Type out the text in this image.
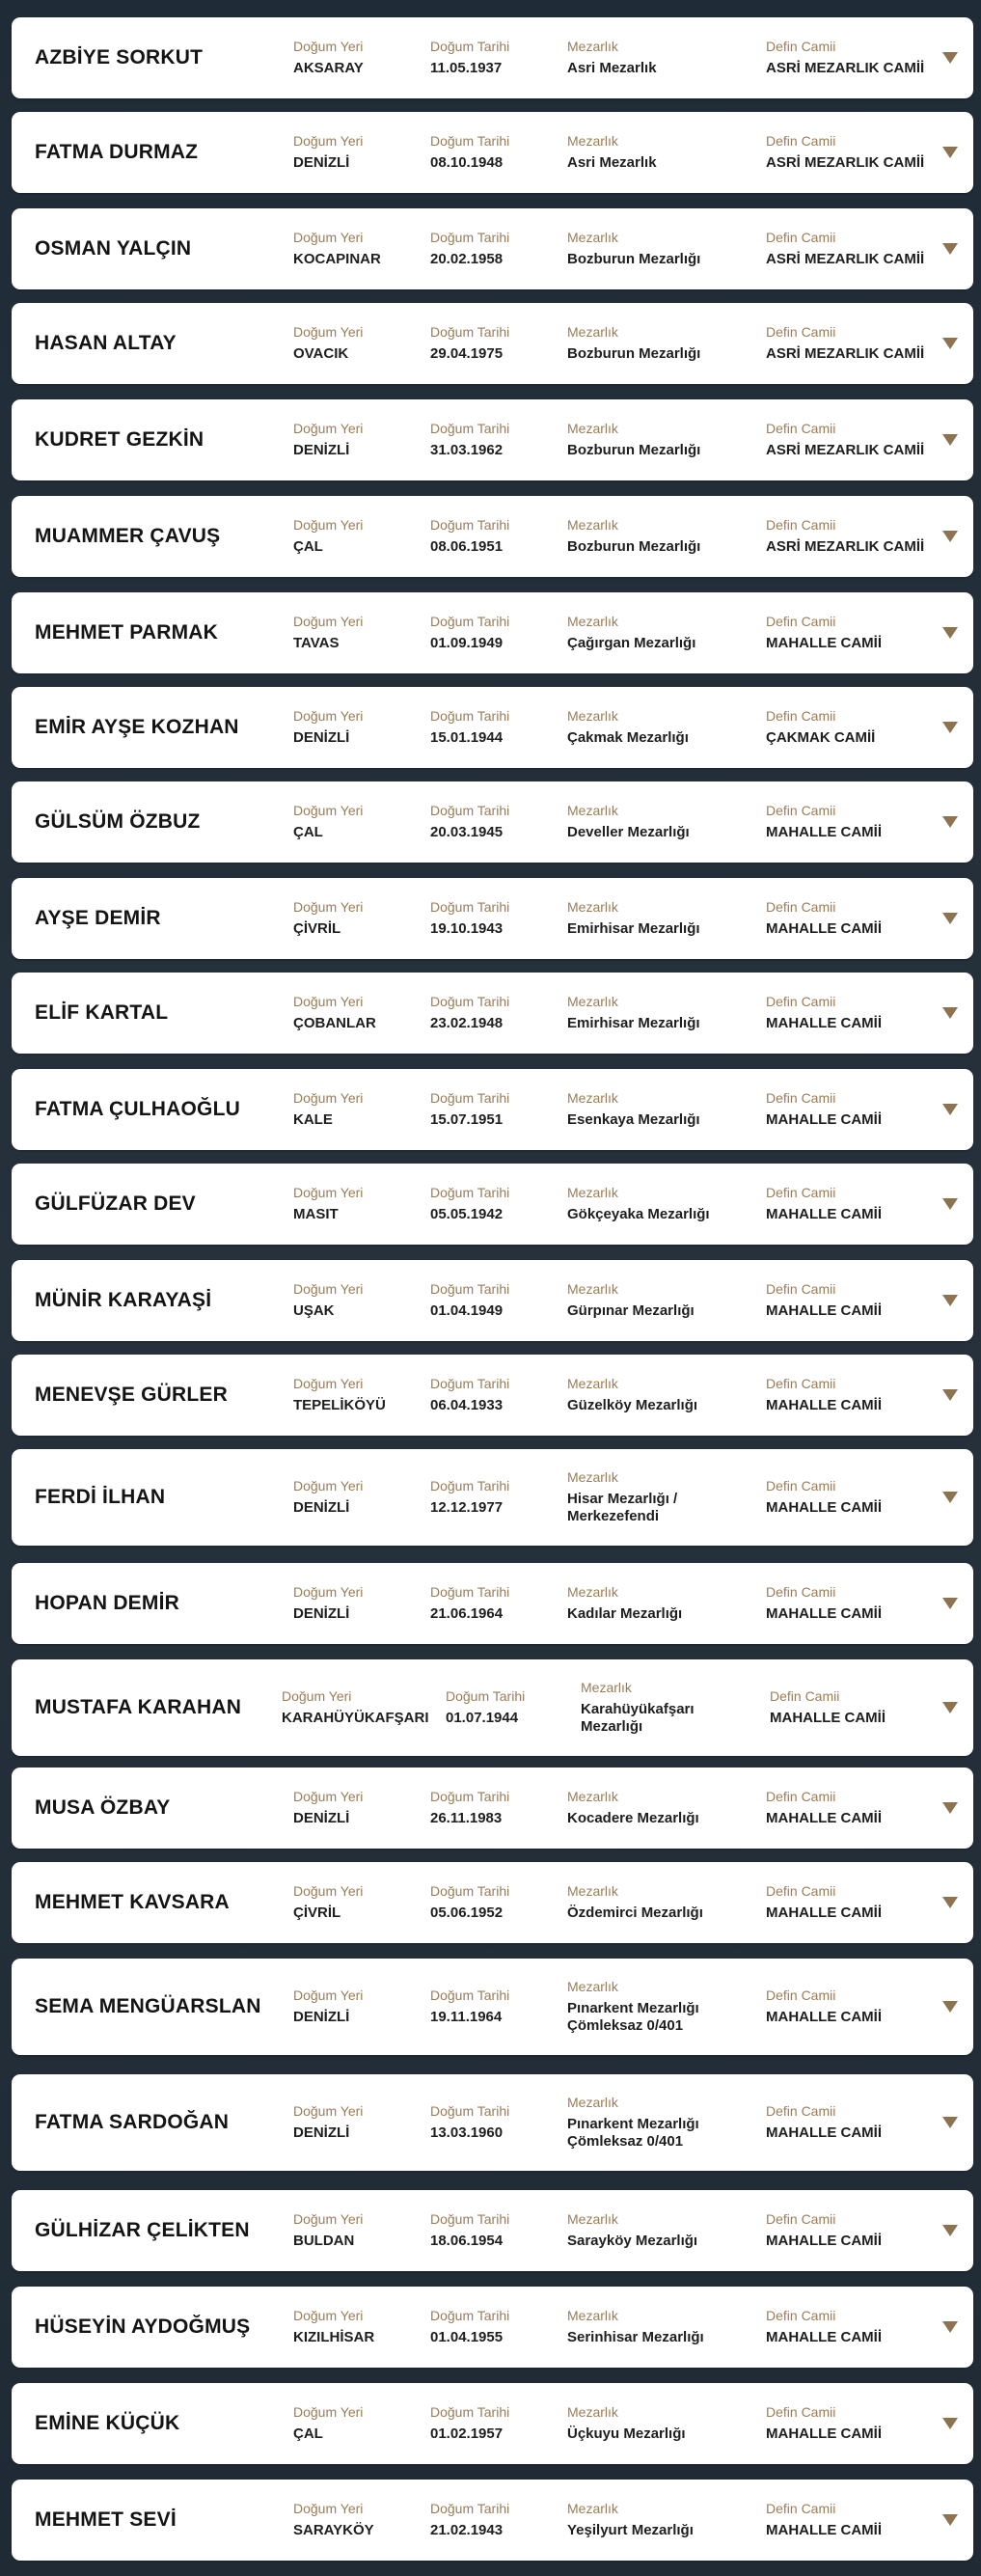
AZBİYE SORKUT	Doğum Yeri
AKSARAY
Doğum Tarihi
11.05.1937
Mezarlık
Asri Mezarlık
Defin Camii
ASRİ MEZARLIK CAMİİ
FATMA DURMAZ	Doğum Yeri
DENİZLİ
Doğum Tarihi
08.10.1948
Mezarlık
Asri Mezarlık
Defin Camii
ASRİ MEZARLIK CAMİİ
OSMAN YALÇIN	Doğum Yeri
KOCAPINAR
Doğum Tarihi
20.02.1958
Mezarlık
Bozburun Mezarlığı
Defin Camii
ASRİ MEZARLIK CAMİİ
HASAN ALTAY	Doğum Yeri
OVACIK
Doğum Tarihi
29.04.1975
Mezarlık
Bozburun Mezarlığı
Defin Camii
ASRİ MEZARLIK CAMİİ
KUDRET GEZKİN	Doğum Yeri
DENİZLİ
Doğum Tarihi
31.03.1962
Mezarlık
Bozburun Mezarlığı
Defin Camii
ASRİ MEZARLIK CAMİİ
MUAMMER ÇAVUŞ	Doğum Yeri
ÇAL
Doğum Tarihi
08.06.1951
Mezarlık
Bozburun Mezarlığı
Defin Camii
ASRİ MEZARLIK CAMİİ
MEHMET PARMAK	Doğum Yeri
TAVAS
Doğum Tarihi
01.09.1949
Mezarlık
Çağırgan Mezarlığı
Defin Camii
MAHALLE CAMİİ
EMİR AYŞE KOZHAN	Doğum Yeri
DENİZLİ
Doğum Tarihi
15.01.1944
Mezarlık
Çakmak Mezarlığı
Defin Camii
ÇAKMAK CAMİİ
GÜLSÜM ÖZBUZ	Doğum Yeri
ÇAL
Doğum Tarihi
20.03.1945
Mezarlık
Develler Mezarlığı
Defin Camii
MAHALLE CAMİİ
AYŞE DEMİR	Doğum Yeri
ÇİVRİL
Doğum Tarihi
19.10.1943
Mezarlık
Emirhisar Mezarlığı
Defin Camii
MAHALLE CAMİİ
ELİF KARTAL	Doğum Yeri
ÇOBANLAR
Doğum Tarihi
23.02.1948
Mezarlık
Emirhisar Mezarlığı
Defin Camii
MAHALLE CAMİİ
FATMA ÇULHAOĞLU	Doğum Yeri
KALE
Doğum Tarihi
15.07.1951
Mezarlık
Esenkaya Mezarlığı
Defin Camii
MAHALLE CAMİİ
GÜLFÜZAR DEV	Doğum Yeri
MASIT
Doğum Tarihi
05.05.1942
Mezarlık
Gökçeyaka Mezarlığı
Defin Camii
MAHALLE CAMİİ
MÜNİR KARAYAŞİ	Doğum Yeri
UŞAK
Doğum Tarihi
01.04.1949
Mezarlık
Gürpınar Mezarlığı
Defin Camii
MAHALLE CAMİİ
MENEVŞE GÜRLER	Doğum Yeri
TEPELİKÖYÜ
Doğum Tarihi
06.04.1933
Mezarlık
Güzelköy Mezarlığı
Defin Camii
MAHALLE CAMİİ
FERDİ İLHAN	Doğum Yeri
DENİZLİ
Doğum Tarihi
12.12.1977
Mezarlık
Hisar Mezarlığı / Merkezefendi
Defin Camii
MAHALLE CAMİİ
HOPAN DEMİR	Doğum Yeri
DENİZLİ
Doğum Tarihi
21.06.1964
Mezarlık
Kadılar Mezarlığı
Defin Camii
MAHALLE CAMİİ
MUSTAFA KARAHAN	Doğum Yeri
KARAHÜYÜKAFŞARI
Doğum Tarihi
01.07.1944
Mezarlık
Karahüyükafşarı Mezarlığı
Defin Camii
MAHALLE CAMİİ
MUSA ÖZBAY	Doğum Yeri
DENİZLİ
Doğum Tarihi
26.11.1983
Mezarlık
Kocadere Mezarlığı
Defin Camii
MAHALLE CAMİİ
MEHMET KAVSARA	Doğum Yeri
ÇİVRİL
Doğum Tarihi
05.06.1952
Mezarlık
Özdemirci Mezarlığı
Defin Camii
MAHALLE CAMİİ
SEMA MENGÜARSLAN Doğum Yeri
DENİZLİ
Doğum Tarihi
19.11.1964
Mezarlık
Pınarkent Mezarlığı Çömleksaz 0/401
Defin Camii
MAHALLE CAMİİ
FATMA SARDOĞAN	Doğum Yeri
DENİZLİ
Doğum Tarihi
13.03.1960
Mezarlık
Pınarkent Mezarlığı Çömleksaz 0/401
Defin Camii
MAHALLE CAMİİ
GÜLHİZAR ÇELİKTEN	Doğum Yeri
BULDAN
Doğum Tarihi
18.06.1954
Mezarlık
Sarayköy Mezarlığı
Defin Camii
MAHALLE CAMİİ
HÜSEYİN AYDOĞMUŞ	Doğum Yeri
KIZILHİSAR
Doğum Tarihi
01.04.1955
Mezarlık
Serinhisar Mezarlığı
Defin Camii
MAHALLE CAMİİ
EMİNE KÜÇÜK	Doğum Yeri
ÇAL
Doğum Tarihi
01.02.1957
Mezarlık
Üçkuyu Mezarlığı
Defin Camii
MAHALLE CAMİİ
MEHMET SEVİ	Doğum Yeri
SARAYKÖY
Doğum Tarihi
21.02.1943
Mezarlık
Yeşilyurt Mezarlığı
Defin Camii
MAHALLE CAMİİ
